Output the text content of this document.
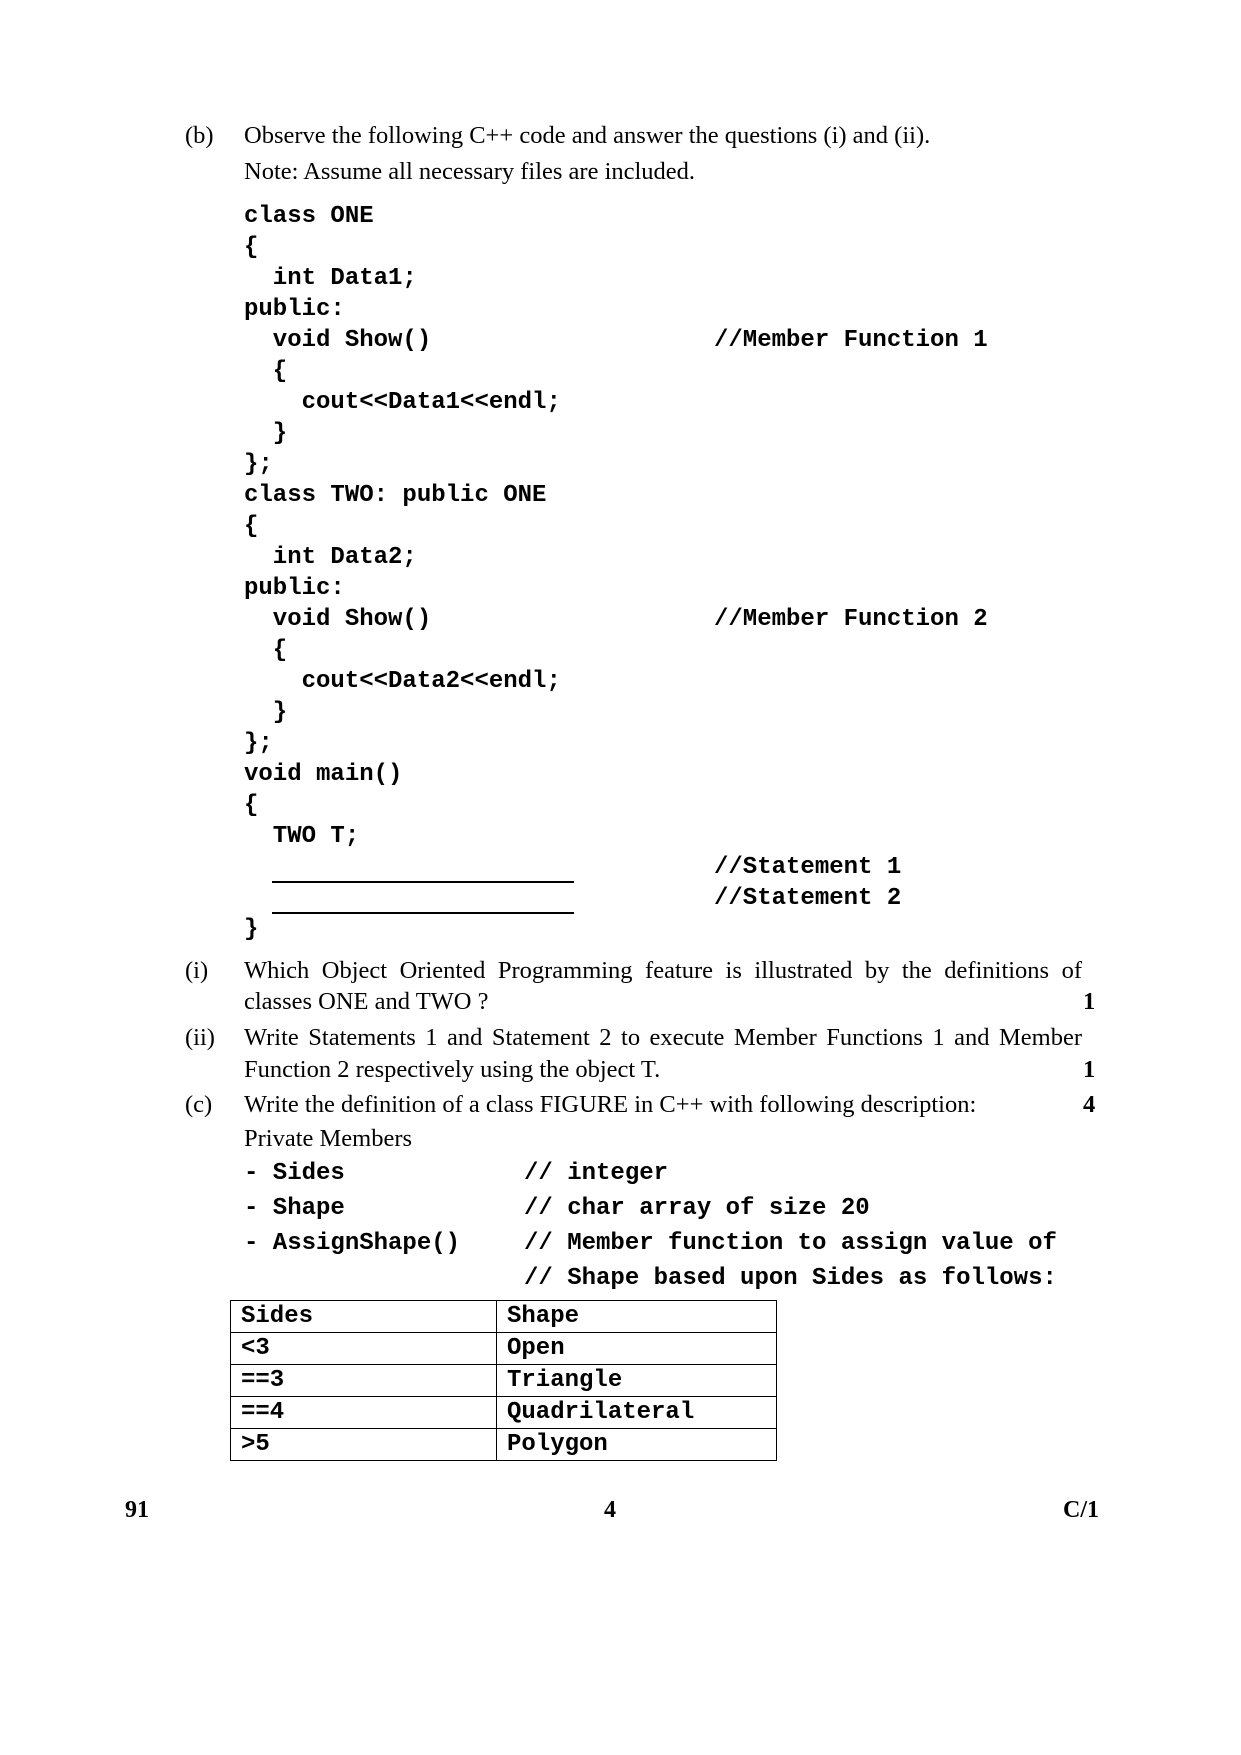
(b) Observe the following C++ code and answer the questions (i) and (ii).
Note: Assume all necessary files are included.
class ONE
{
int Data1;
public:
void Show()	//Member Function 1
{
cout<<Data1<<endl;
}
};
class TWO: public ONE
{
int Data2;
public:
void Show()	//Member Function 2
{
cout<<Data2<<endl;
}
};
void main()
{
TWO T;
//Statement 1
//Statement 2
}
(i) Which Object Oriented Programming feature is illustrated by the definitions of
classes ONE and TWO ?	1
(ii) Write Statements 1 and Statement 2 to execute Member Functions 1 and Member
Function 2 respectively using the object T.	1
(c) Write the definition of a class FIGURE in C++ with following description:	4
Private Members
- Sides	// integer
- Shape	// char array of size 20
- AssignShape()	// Member function to assign value of
// Shape based upon Sides as follows:
Sides	Shape
<3	Open
==3	Triangle
==4	Quadrilateral
>5	Polygon
91	4	C/1
